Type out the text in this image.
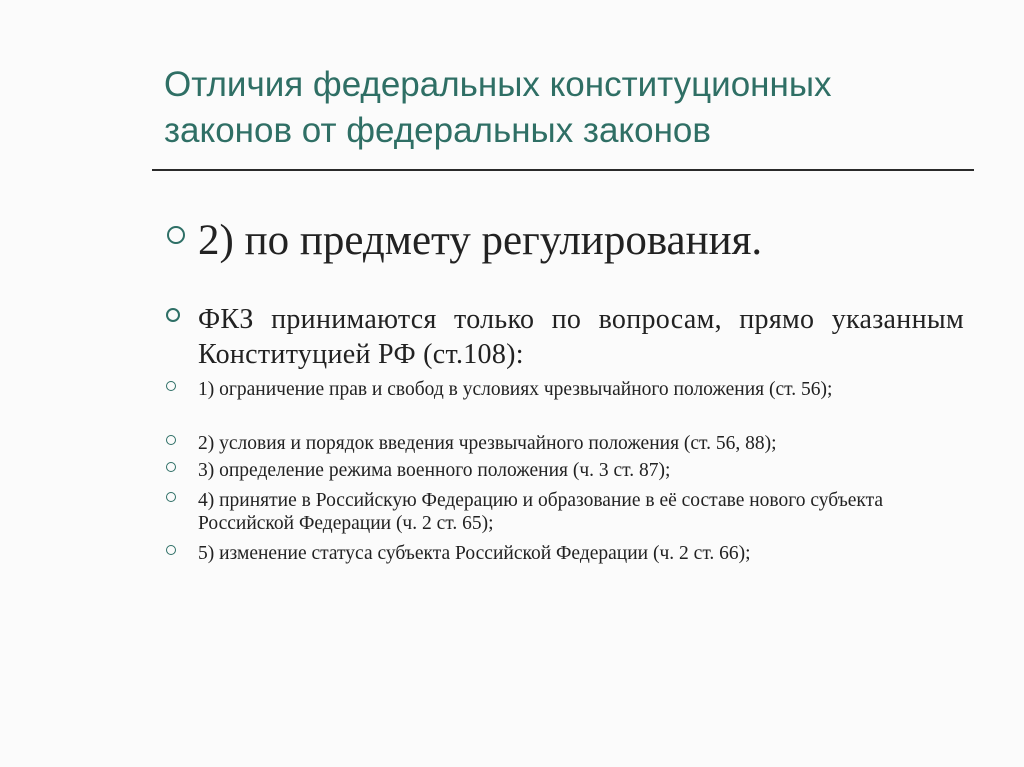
Отличия федеральных конституционных
законов от федеральных законов
2) по предмету регулирования.
ФКЗ принимаются только по вопросам, прямо указанным Конституцией РФ (ст.108):
1) ограничение прав и свобод в условиях чрезвычайного положения (ст. 56);
2) условия и порядок введения чрезвычайного положения (ст. 56, 88);
3) определение режима военного положения (ч. 3 ст. 87);
4) принятие в Российскую Федерацию и образование в её составе нового субъекта Российской Федерации (ч. 2 ст. 65);
5) изменение статуса субъекта Российской Федерации (ч. 2 ст. 66);
